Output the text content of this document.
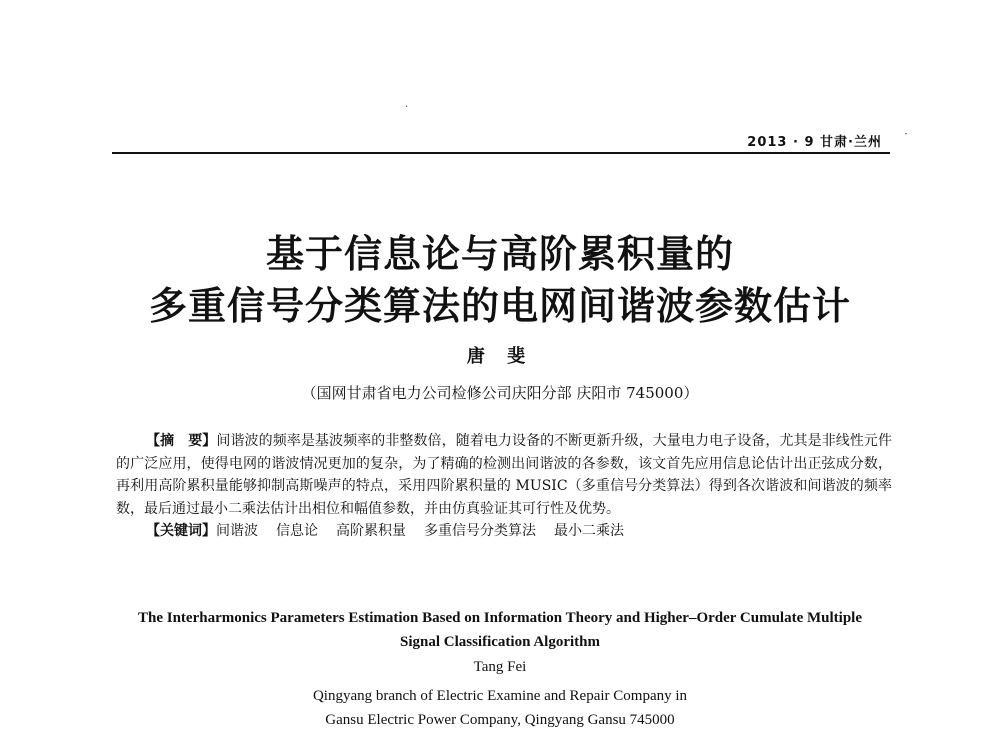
·
·
2013 · 9 甘肃·兰州
基于信息论与高阶累积量的
多重信号分类算法的电网间谐波参数估计
唐 斐
（国网甘肃省电力公司检修公司庆阳分部 庆阳市 745000）

【摘　要】间谐波的频率是基波频率的非整数倍，随着电力设备的不断更新升级，大量电力电子设备，尤其是非线性元件的广泛应用，使得电网的谐波情况更加的复杂，为了精确的检测出间谐波的各参数，该文首先应用信息论估计出正弦成分数，再利用高阶累积量能够抑制高斯噪声的特点，采用四阶累积量的 MUSIC（多重信号分类算法）得到各次谐波和间谐波的频率数，最后通过最小二乘法估计出相位和幅值参数，并由仿真验证其可行性及优势。

【关键词】间谐波 信息论 高阶累积量 多重信号分类算法 最小二乘法

The Interharmonics Parameters Estimation Based on Information Theory and Higher–Order Cumulate Multiple
Signal Classification Algorithm
Tang Fei
Qingyang branch of Electric Examine and Repair Company in
Gansu Electric Power Company, Qingyang Gansu 745000
